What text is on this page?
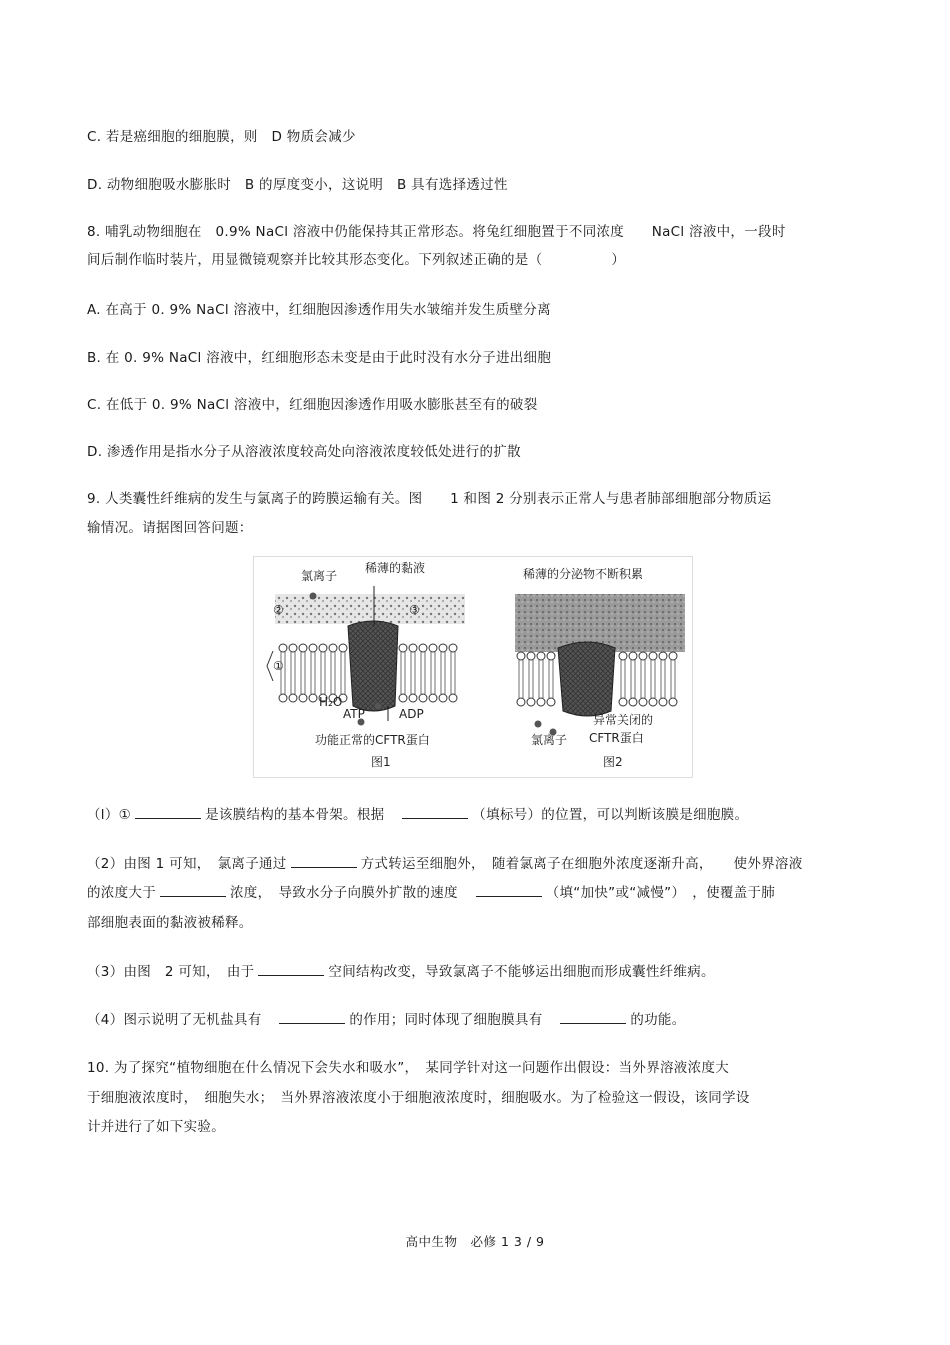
C. 若是癌细胞的细胞膜，则　D 物质会减少
D. 动物细胞吸水膨胀时　B 的厚度变小，这说明　B 具有选择透过性
8. 哺乳动物细胞在　0.9% NaCl 溶液中仍能保持其正常形态。将兔红细胞置于不同浓度　　NaCl 溶液中，一段时
间后制作临时装片，用显微镜观察并比较其形态变化。下列叙述正确的是（　　　　　）
A. 在高于 0. 9% NaCl 溶液中，红细胞因渗透作用失水皱缩并发生质壁分离
B. 在 0. 9% NaCl 溶液中，红细胞形态未变是由于此时没有水分子进出细胞
C. 在低于 0. 9% NaCl 溶液中，红细胞因渗透作用吸水膨胀甚至有的破裂
D. 渗透作用是指水分子从溶液浓度较高处向溶液浓度较低处进行的扩散
9. 人类囊性纤维病的发生与氯离子的跨膜运输有关。图　　1 和图 2 分别表示正常人与患者肺部细胞部分物质运
输情况。请据图回答问题：
氯离子
稀薄的黏液
②	③
①
H₂O
ATP	ADP
功能正常的CFTR蛋白
图1
稀薄的分泌物不断积累
异常关闭的
CFTR蛋白
氯离子
图2
（l）①	是该膜结构的基本骨架。根据　	（填标号）的位置，可以判断该膜是细胞膜。
（2）由图 1 可知，　氯离子通过	方式转运至细胞外，　随着氯离子在细胞外浓度逐渐升高，　　使外界溶液
的浓度大于	浓度，　导致水分子向膜外扩散的速度　	（填“加快”或“减慢”）　，使覆盖于肺
部细胞表面的黏液被稀释。
（3）由图　2 可知，　由于	空间结构改变，导致氯离子不能够运出细胞而形成囊性纤维病。
（4）图示说明了无机盐具有　	的作用；同时体现了细胞膜具有　	的功能。
10. 为了探究“植物细胞在什么情况下会失水和吸水”，　某同学针对这一问题作出假设：当外界溶液浓度大
于细胞液浓度时，　细胞失水；　当外界溶液浓度小于细胞液浓度时，细胞吸水。为了检验这一假设，该同学设
计并进行了如下实验。
高中生物　必修 1 3 / 9
